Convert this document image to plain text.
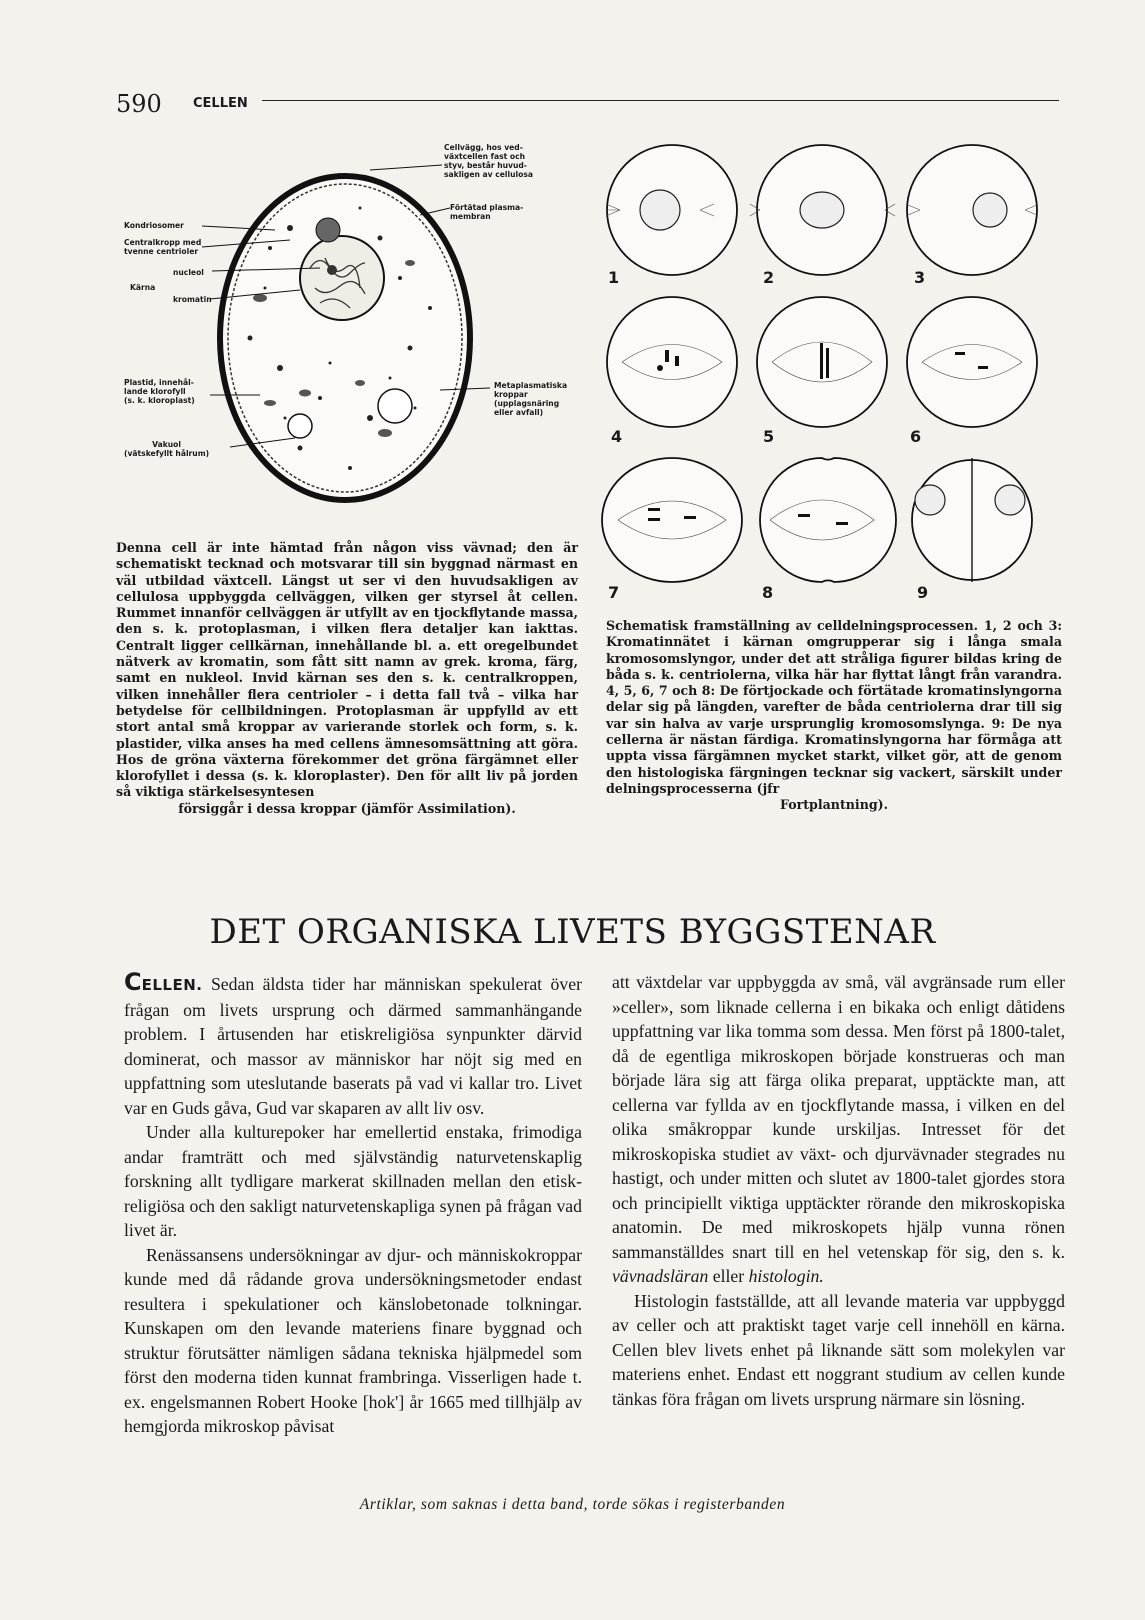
590 CELLEN
Cellvägg, hos ved-
växtcellen fast och
styv, består huvud-
sakligen av cellulosa
Förtätad plasma-
membran
Kondriosomer
Centralkropp med
tvenne centrioler
nucleol
Kärna
kromatin
Plastid, innehål-
lande klorofyll
(s. k. kloroplast)
Metaplasmatiska
kroppar
(upplagsnäring
eller avfall)
Vakuol
(vätskefyllt hålrum)
1	2	3
4	5	6
7	8	9
Denna cell är inte hämtad från någon viss vävnad; den är schematiskt tecknad och motsvarar till sin byggnad närmast en väl utbildad växtcell. Längst ut ser vi den huvudsakligen av cellulosa uppbyggda cellväggen, vilken ger styrsel åt cellen. Rummet innanför cellväggen är utfyllt av en tjockflytande massa, den s. k. protoplasman, i vilken flera detaljer kan iakttas. Centralt ligger cellkärnan, innehållande bl. a. ett oregelbundet nätverk av kromatin, som fått sitt namn av grek. kroma, färg, samt en nukleol. Invid kärnan ses den s. k. centralkroppen, vilken innehåller flera centrioler – i detta fall två – vilka har betydelse för cellbildningen. Protoplasman är uppfylld av ett stort antal små kroppar av varierande storlek och form, s. k. plastider, vilka anses ha med cellens ämnesomsättning att göra. Hos de gröna växterna förekommer det gröna färgämnet eller klorofyllet i dessa (s. k. kloroplaster). Den för allt liv på jorden så viktiga stärkelsesyntesen
försiggår i dessa kroppar (jämför Assimilation).
Schematisk framställning av celldelningsprocessen. 1, 2 och 3: Kromatinnätet i kärnan omgrupperar sig i långa smala kromosomslyngor, under det att stråliga figurer bildas kring de båda s. k. centriolerna, vilka här har flyttat långt från varandra. 4, 5, 6, 7 och 8: De förtjockade och förtätade kromatinslyngorna delar sig på längden, varefter de båda centriolerna drar till sig var sin halva av varje ursprunglig kromosomslynga. 9: De nya cellerna är nästan färdiga. Kromatinslyngorna har förmåga att uppta vissa färgämnen mycket starkt, vilket gör, att de genom den histologiska färgningen tecknar sig vackert, särskilt under delningsprocesserna (jfr
Fortplantning).
DET ORGANISKA LIVETS BYGGSTENAR

CELLEN. Sedan äldsta tider har människan spekulerat över frågan om livets ursprung och därmed sammanhängande problem. I årtusenden har etiskreligiösa synpunkter därvid dominerat, och massor av människor har nöjt sig med en uppfattning som uteslutande baserats på vad vi kallar tro. Livet var en Guds gåva, Gud var skaparen av allt liv osv.

Under alla kulturepoker har emellertid enstaka, frimodiga andar framträtt och med självständig naturvetenskaplig forskning allt tydligare markerat skillnaden mellan den etisk-religiösa och den sakligt naturvetenskapliga synen på frågan vad livet är.

Renässansens undersökningar av djur- och människokroppar kunde med då rådande grova undersökningsmetoder endast resultera i spekulationer och känslobetonade tolkningar. Kunskapen om den levande materiens finare byggnad och struktur förutsätter nämligen sådana tekniska hjälpmedel som först den moderna tiden kunnat frambringa. Visserligen hade t. ex. engelsmannen Robert Hooke [hok'] år 1665 med tillhjälp av hemgjorda mikroskop påvisat

att växtdelar var uppbyggda av små, väl avgränsade rum eller »celler», som liknade cellerna i en bikaka och enligt dåtidens uppfattning var lika tomma som dessa. Men först på 1800-talet, då de egentliga mikroskopen började konstrueras och man började lära sig att färga olika preparat, upptäckte man, att cellerna var fyllda av en tjockflytande massa, i vilken en del olika småkroppar kunde urskiljas. Intresset för det mikroskopiska studiet av växt- och djurvävnader stegrades nu hastigt, och under mitten och slutet av 1800-talet gjordes stora och principiellt viktiga upptäckter rörande den mikroskopiska anatomin. De med mikroskopets hjälp vunna rönen sammanställdes snart till en hel vetenskap för sig, den s. k. vävnadsläran eller histologin.

Histologin fastställde, att all levande materia var uppbyggd av celler och att praktiskt taget varje cell innehöll en kärna. Cellen blev livets enhet på liknande sätt som molekylen var materiens enhet. Endast ett noggrant studium av cellen kunde tänkas föra frågan om livets ursprung närmare sin lösning.

Artiklar, som saknas i detta band, torde sökas i registerbanden
